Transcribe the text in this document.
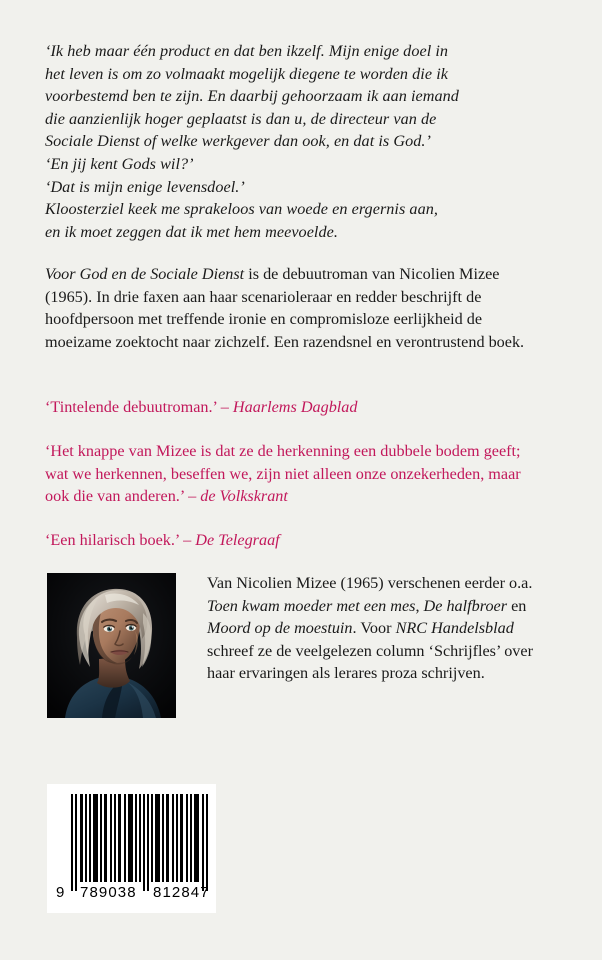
‘Ik heb maar één product en dat ben ikzelf. Mijn enige doel in

het leven is om zo volmaakt mogelijk diegene te worden die ik

voorbestemd ben te zijn. En daarbij gehoorzaam ik aan iemand

die aanzienlijk hoger geplaatst is dan u, de directeur van de

Sociale Dienst of welke werkgever dan ook, en dat is God.’

‘En jij kent Gods wil?’

‘Dat is mijn enige levensdoel.’

Kloosterziel keek me sprakeloos van woede en ergernis aan,

en ik moet zeggen dat ik met hem meevoelde.

Voor God en de Sociale Dienst is de debuutroman van Nicolien Mizee (1965). In drie faxen aan haar scenarioleraar en redder beschrijft de hoofdpersoon met treffende ironie en compromisloze eerlijkheid de moeizame zoektocht naar zichzelf. Een razendsnel en verontrustend boek.
‘Tintelende debuutroman.’ – Haarlems Dagblad
‘Het knappe van Mizee is dat ze de herkenning een dubbele bodem geeft; wat we herkennen, beseffen we, zijn niet alleen onze onzekerheden, maar ook die van anderen.’ – de Volkskrant
‘Een hilarisch boek.’ – De Telegraaf
Van Nicolien Mizee (1965) verschenen eerder o.a. Toen kwam moeder met een mes, De halfbroer en Moord op de moestuin. Voor NRC Handelsblad schreef ze de veelgelezen column ‘Schrijfles’ over haar ervaringen als lerares proza schrijven.
9 789038 812847
